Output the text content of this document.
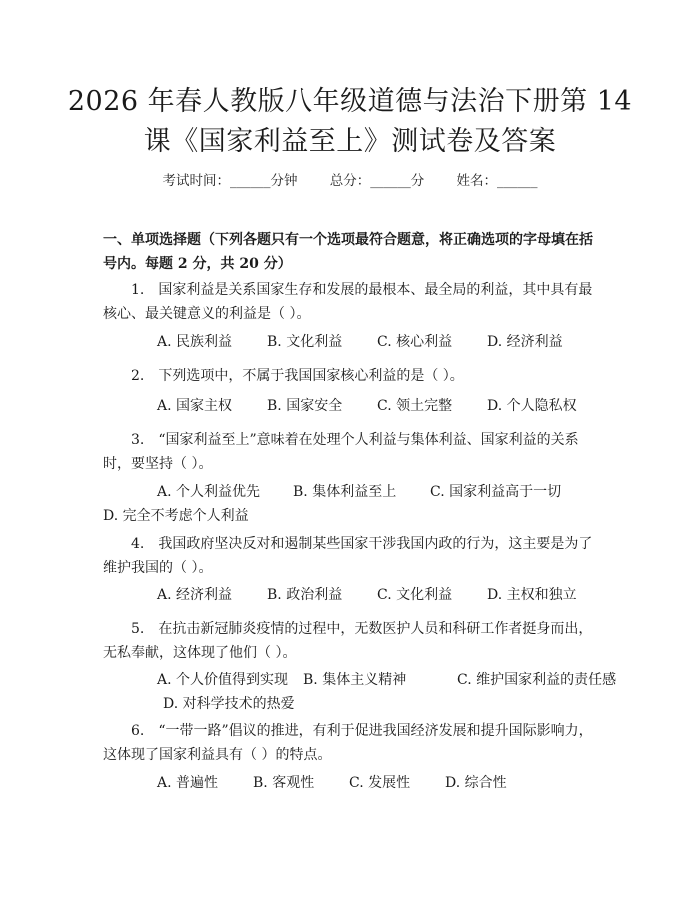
2026 年春人教版八年级道德与法治下册第 14
课《国家利益至上》测试卷及答案
考试时间：______分钟 总分：______分 姓名：______
一、单项选择题（下列各题只有一个选项最符合题意，将正确选项的字母填在括号内。每题 2 分，共 20 分）
1.　国家利益是关系国家生存和发展的最根本、最全局的利益，其中具有最核心、最关键意义的利益是（ ）。
A. 民族利益 B. 文化利益 C. 核心利益 D. 经济利益
2.　下列选项中，不属于我国国家核心利益的是（ ）。
A. 国家主权 B. 国家安全 C. 领土完整 D. 个人隐私权
3.　“国家利益至上”意味着在处理个人利益与集体利益、国家利益的关系时，要坚持（ ）。
A. 个人利益优先 B. 集体利益至上 C. 国家利益高于一切
D. 完全不考虑个人利益
4.　我国政府坚决反对和遏制某些国家干涉我国内政的行为，这主要是为了维护我国的（ ）。
A. 经济利益 B. 政治利益 C. 文化利益 D. 主权和独立
5.　在抗击新冠肺炎疫情的过程中，无数医护人员和科研工作者挺身而出，无私奉献，这体现了他们（ ）。
A. 个人价值得到实现 B. 集体主义精神	C. 维护国家利益的责任感
D. 对科学技术的热爱
6.　“一带一路”倡议的推进，有利于促进我国经济发展和提升国际影响力，这体现了国家利益具有（ ）的特点。
A. 普遍性 B. 客观性 C. 发展性 D. 综合性
